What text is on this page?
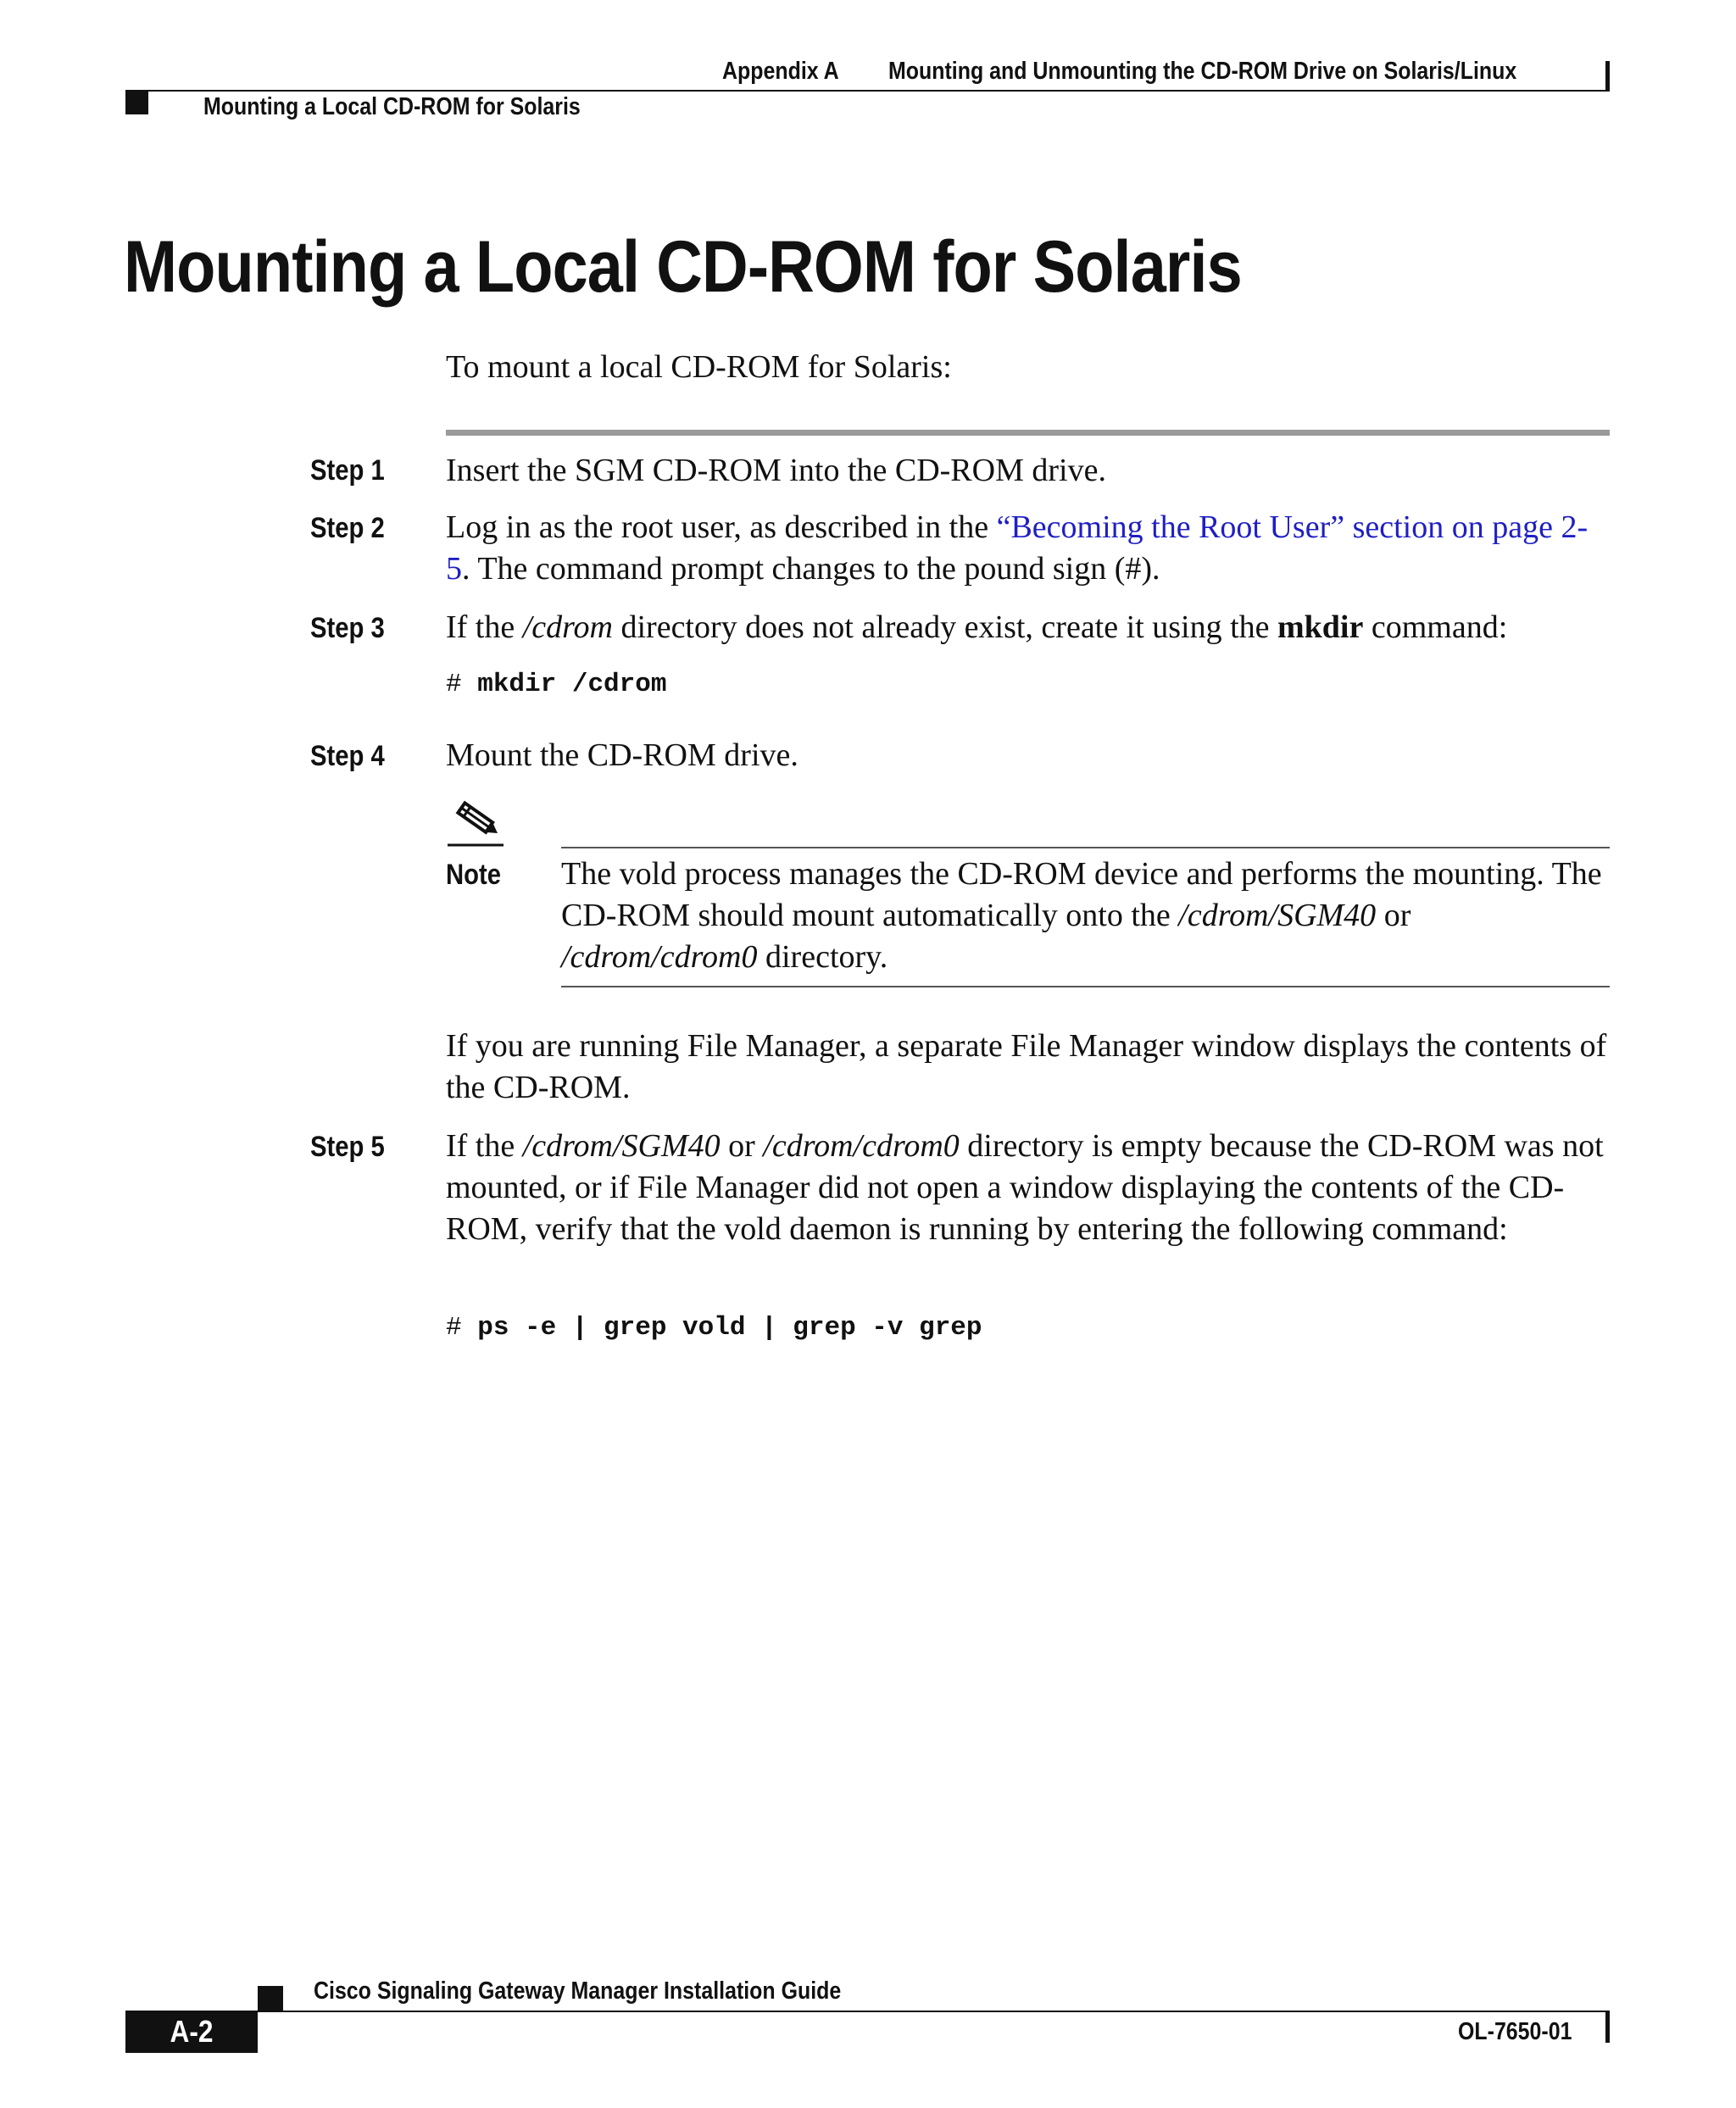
Appendix A Mounting and Unmounting the CD-ROM Drive on Solaris/Linux
Mounting a Local CD-ROM for Solaris
Mounting a Local CD-ROM for Solaris
To mount a local CD-ROM for Solaris:
Step 1 Insert the SGM CD-ROM into the CD-ROM drive.
Step 2 Log in as the root user, as described in the “Becoming the Root User” section on page 2-5. The command prompt changes to the pound sign (#).
Step 3 If the /cdrom directory does not already exist, create it using the mkdir command:
# mkdir /cdrom
Step 4 Mount the CD-ROM drive.
Note The vold process manages the CD-ROM device and performs the mounting. The CD-ROM should mount automatically onto the /cdrom/SGM40 or /cdrom/cdrom0 directory.
If you are running File Manager, a separate File Manager window displays the contents of the CD-ROM.
Step 5 If the /cdrom/SGM40 or /cdrom/cdrom0 directory is empty because the CD-ROM was not mounted, or if File Manager did not open a window displaying the contents of the CD-ROM, verify that the vold daemon is running by entering the following command:
# ps -e | grep vold | grep -v grep
Cisco Signaling Gateway Manager Installation Guide
A-2	OL-7650-01
